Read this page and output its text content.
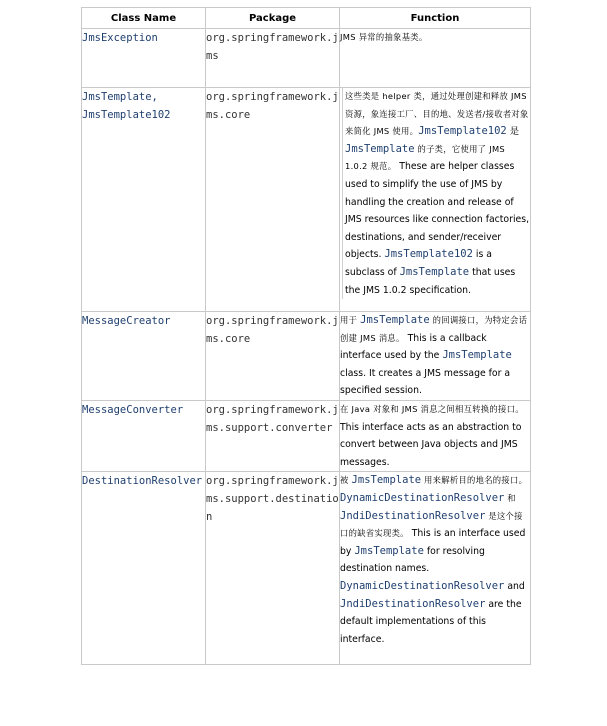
Class Name	Package	Function
JmsException	org.springframework.jms	JMS 异常的抽象基类。

JmsTemplate, JmsTemplate102	org.springframework.jms.core	这些类是 helper 类，通过处理创建和释放 JMS 资源，象连接工厂、目的地、发送者/接收者对象来简化 JMS 使用。JmsTemplate102 是 JmsTemplate 的子类，它使用了 JMS 1.0.2 规范。 These are helper classes used to simplify the use of JMS by handling the creation and release of JMS resources like connection factories, destinations, and sender/receiver objects. JmsTemplate102 is a subclass of JmsTemplate that uses the JMS 1.0.2 specification.

MessageCreator	org.springframework.jms.core	用于 JmsTemplate 的回调接口，为特定会话创建 JMS 消息。 This is a callback interface used by the JmsTemplate class. It creates a JMS message for a specified session.

MessageConverter	org.springframework.jms.support.converter	在 Java 对象和 JMS 消息之间相互转换的接口。 This interface acts as an abstraction to convert between Java objects and JMS messages.

DestinationResolver	org.springframework.jms.support.destination	被 JmsTemplate 用来解析目的地名的接口。 DynamicDestinationResolver 和 JndiDestinationResolver 是这个接口的缺省实现类。 This is an interface used by JmsTemplate for resolving destination names. DynamicDestinationResolver and JndiDestinationResolver are the default implementations of this interface.
